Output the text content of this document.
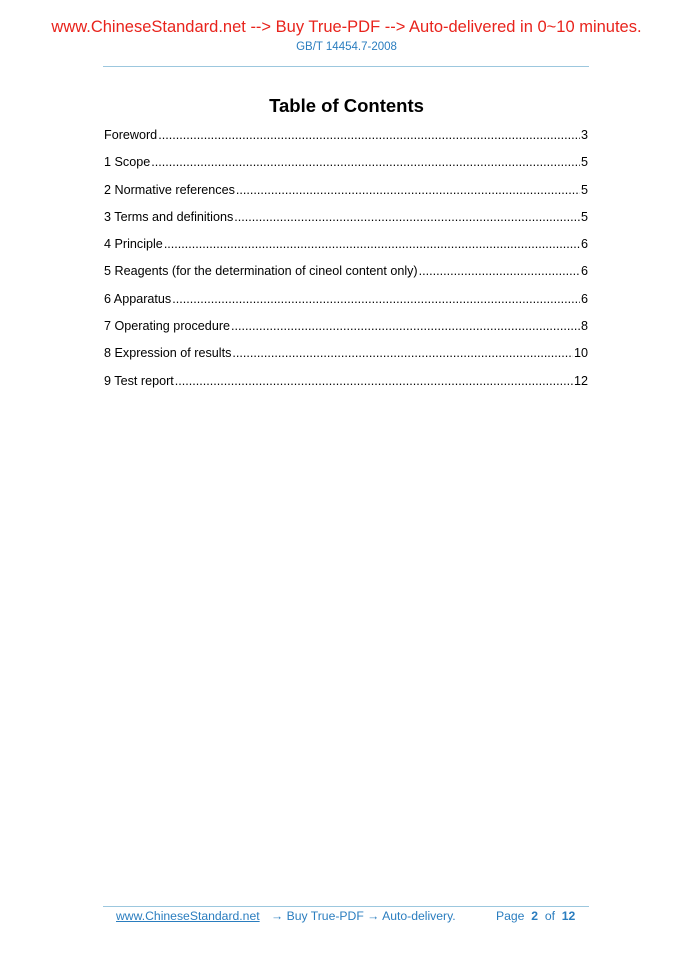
www.ChineseStandard.net --> Buy True-PDF --> Auto-delivered in 0~10 minutes.
GB/T 14454.7-2008
Table of Contents
Foreword .....	3
1 Scope .....	5
2 Normative references .....	5
3 Terms and definitions .....	5
4 Principle .....	6
5 Reagents (for the determination of cineol content only) .....	6
6 Apparatus .....	6
7 Operating procedure .....	8
8 Expression of results .....	10
9 Test report .....	12
www.ChineseStandard.net → Buy True-PDF → Auto-delivery.	Page 2 of 12
